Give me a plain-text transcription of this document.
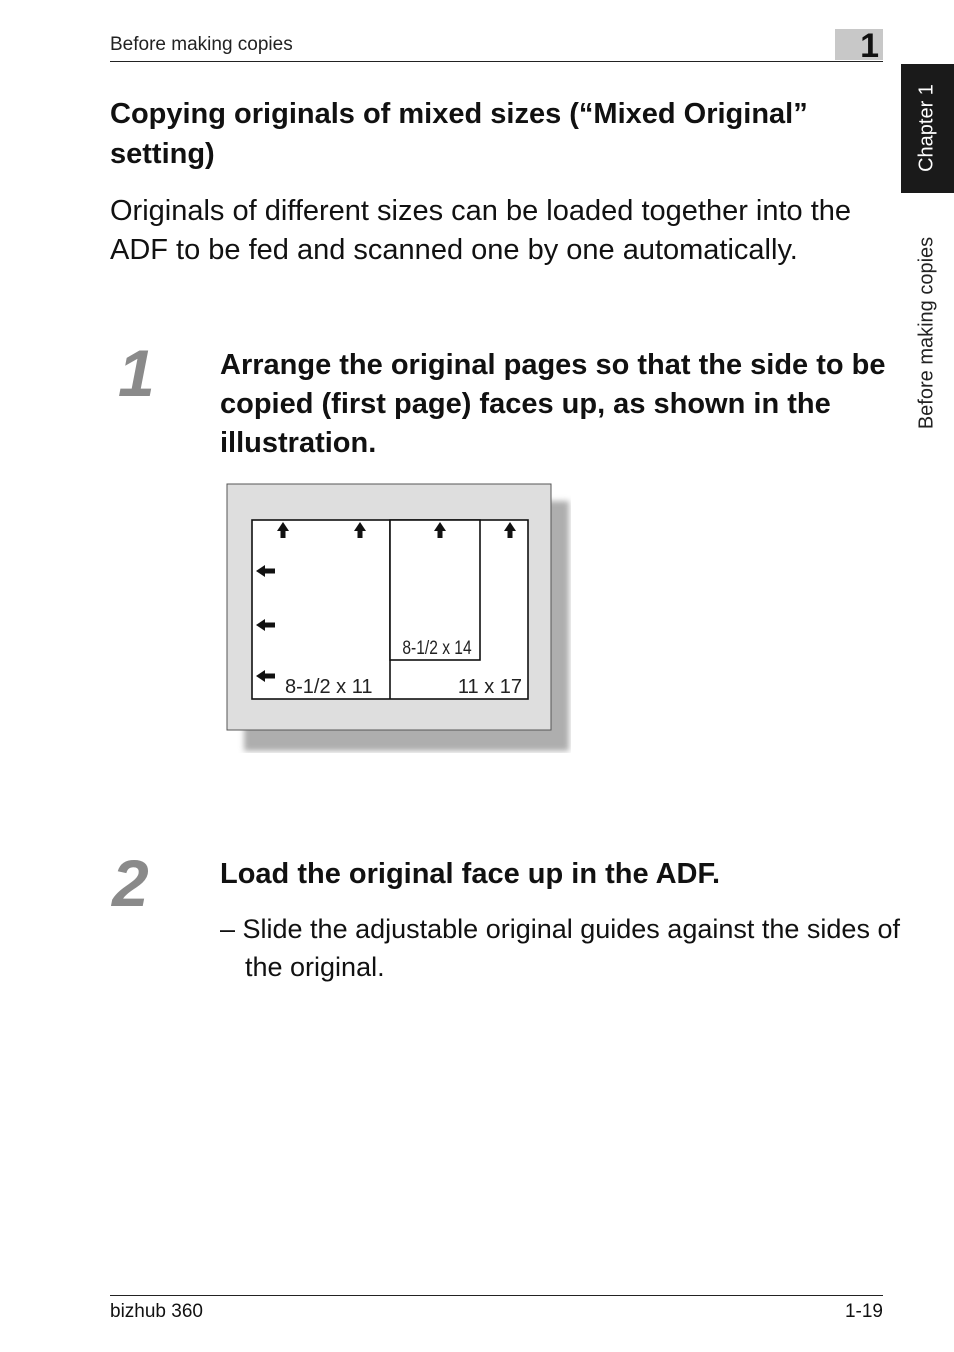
Before making copies	1
Chapter 1
Before making copies
Copying originals of mixed sizes (“Mixed Original” setting)
Originals of different sizes can be loaded together into the ADF to be fed and scanned one by one automatically.
1 Arrange the original pages so that the side to be copied (first page) faces up, as shown in the illustration.
8-1/2 x 14
8-1/2 x 11	11 x 17
2 Load the original face up in the ADF.
– Slide the adjustable original guides against the sides of the original.
bizhub 360	1-19
